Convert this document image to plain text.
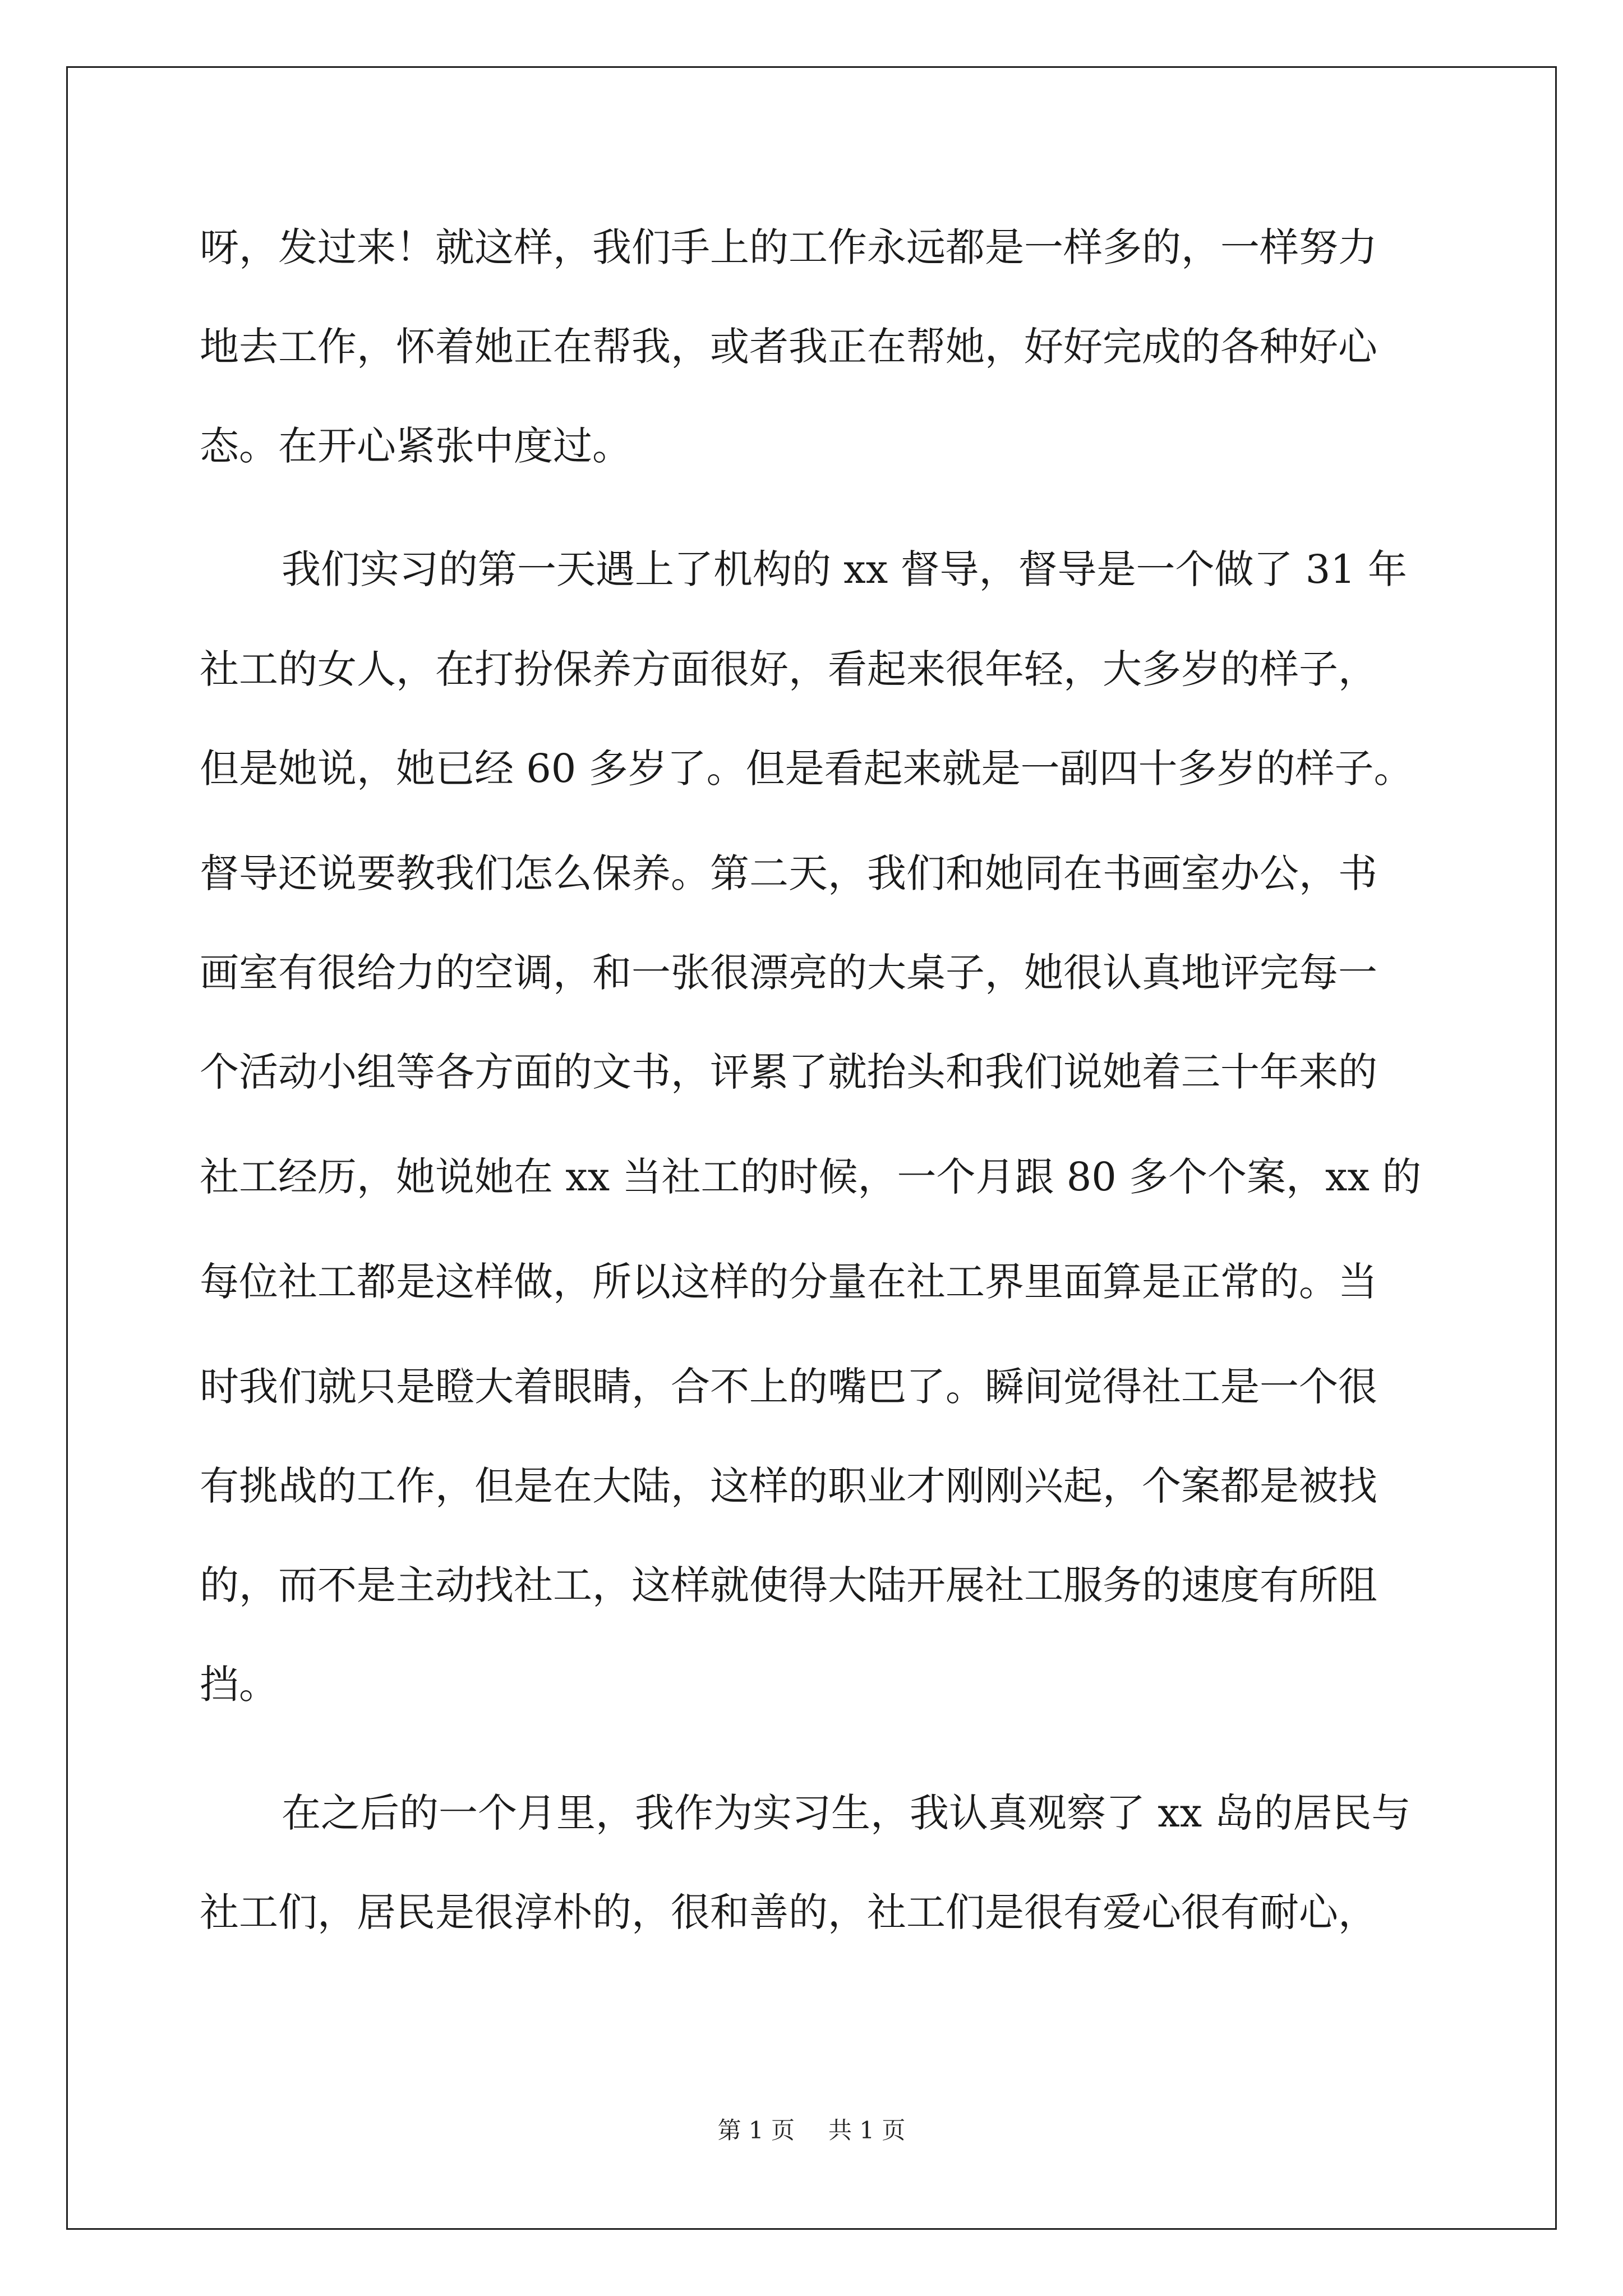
呀，发过来！就这样，我们手上的工作永远都是一样多的，一样努力
地去工作，怀着她正在帮我，或者我正在帮她，好好完成的各种好心
态。在开心紧张中度过。
我们实习的第一天遇上了机构的 xx 督导，督导是一个做了 31 年
社工的女人，在打扮保养方面很好，看起来很年轻，大多岁的样子，
但是她说，她已经 60 多岁了。但是看起来就是一副四十多岁的样子。
督导还说要教我们怎么保养。第二天，我们和她同在书画室办公，书
画室有很给力的空调，和一张很漂亮的大桌子，她很认真地评完每一
个活动小组等各方面的文书，评累了就抬头和我们说她着三十年来的
社工经历，她说她在 xx 当社工的时候，一个月跟 80 多个个案，xx 的
每位社工都是这样做，所以这样的分量在社工界里面算是正常的。当
时我们就只是瞪大着眼睛，合不上的嘴巴了。瞬间觉得社工是一个很
有挑战的工作，但是在大陆，这样的职业才刚刚兴起，个案都是被找
的，而不是主动找社工，这样就使得大陆开展社工服务的速度有所阻
挡。
在之后的一个月里，我作为实习生，我认真观察了 xx 岛的居民与
社工们，居民是很淳朴的，很和善的，社工们是很有爱心很有耐心，
第 1 页 共 1 页
